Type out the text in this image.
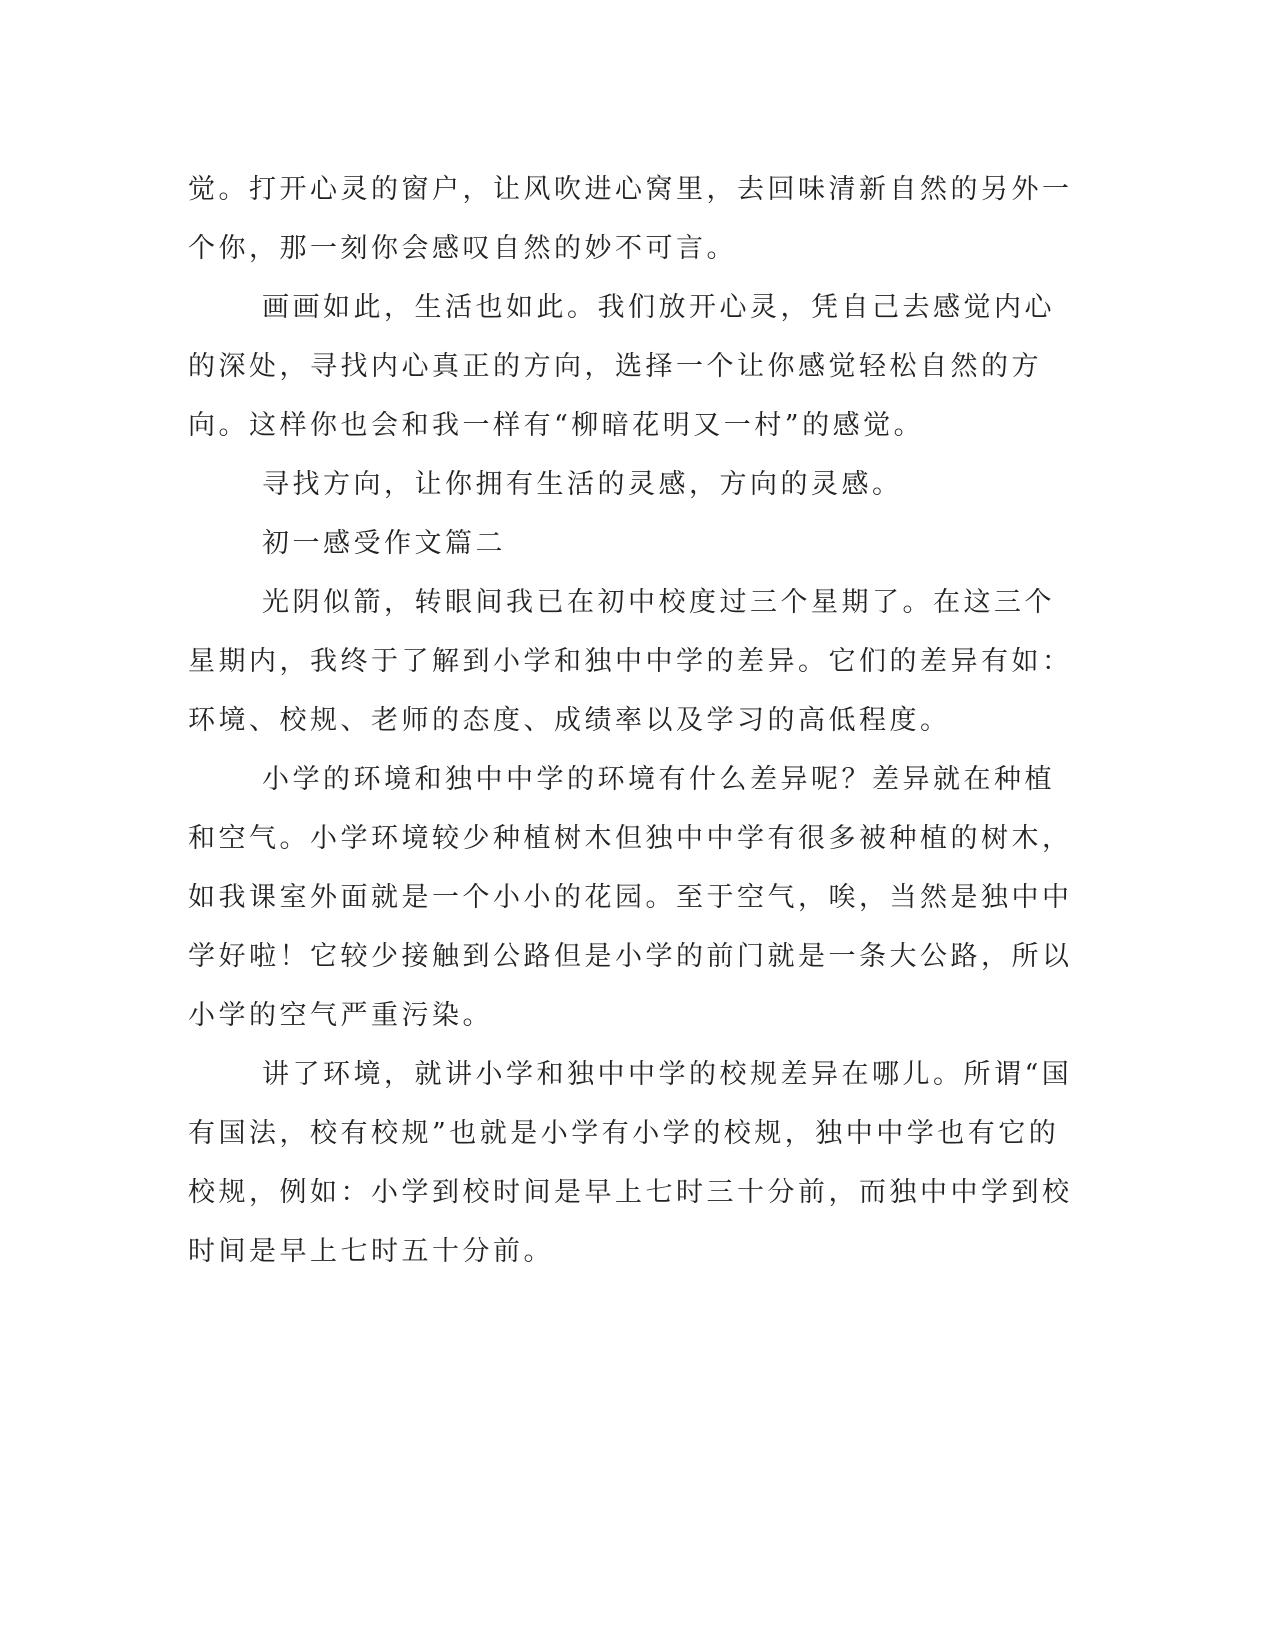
觉。打开心灵的窗户，让风吹进心窝里，去回味清新自然的另外一个你，那一刻你会感叹自然的妙不可言。

画画如此，生活也如此。我们放开心灵，凭自己去感觉内心的深处，寻找内心真正的方向，选择一个让你感觉轻松自然的方向。这样你也会和我一样有“柳暗花明又一村”的感觉。

寻找方向，让你拥有生活的灵感，方向的灵感。

初一感受作文篇二

光阴似箭，转眼间我已在初中校度过三个星期了。在这三个星期内，我终于了解到小学和独中中学的差异。它们的差异有如：环境、校规、老师的态度、成绩率以及学习的高低程度。

小学的环境和独中中学的环境有什么差异呢？差异就在种植和空气。小学环境较少种植树木但独中中学有很多被种植的树木，如我课室外面就是一个小小的花园。至于空气，唉，当然是独中中学好啦！它较少接触到公路但是小学的前门就是一条大公路，所以小学的空气严重污染。

讲了环境，就讲小学和独中中学的校规差异在哪儿。所谓“国有国法，校有校规”也就是小学有小学的校规，独中中学也有它的校规，例如：小学到校时间是早上七时三十分前，而独中中学到校时间是早上七时五十分前。
